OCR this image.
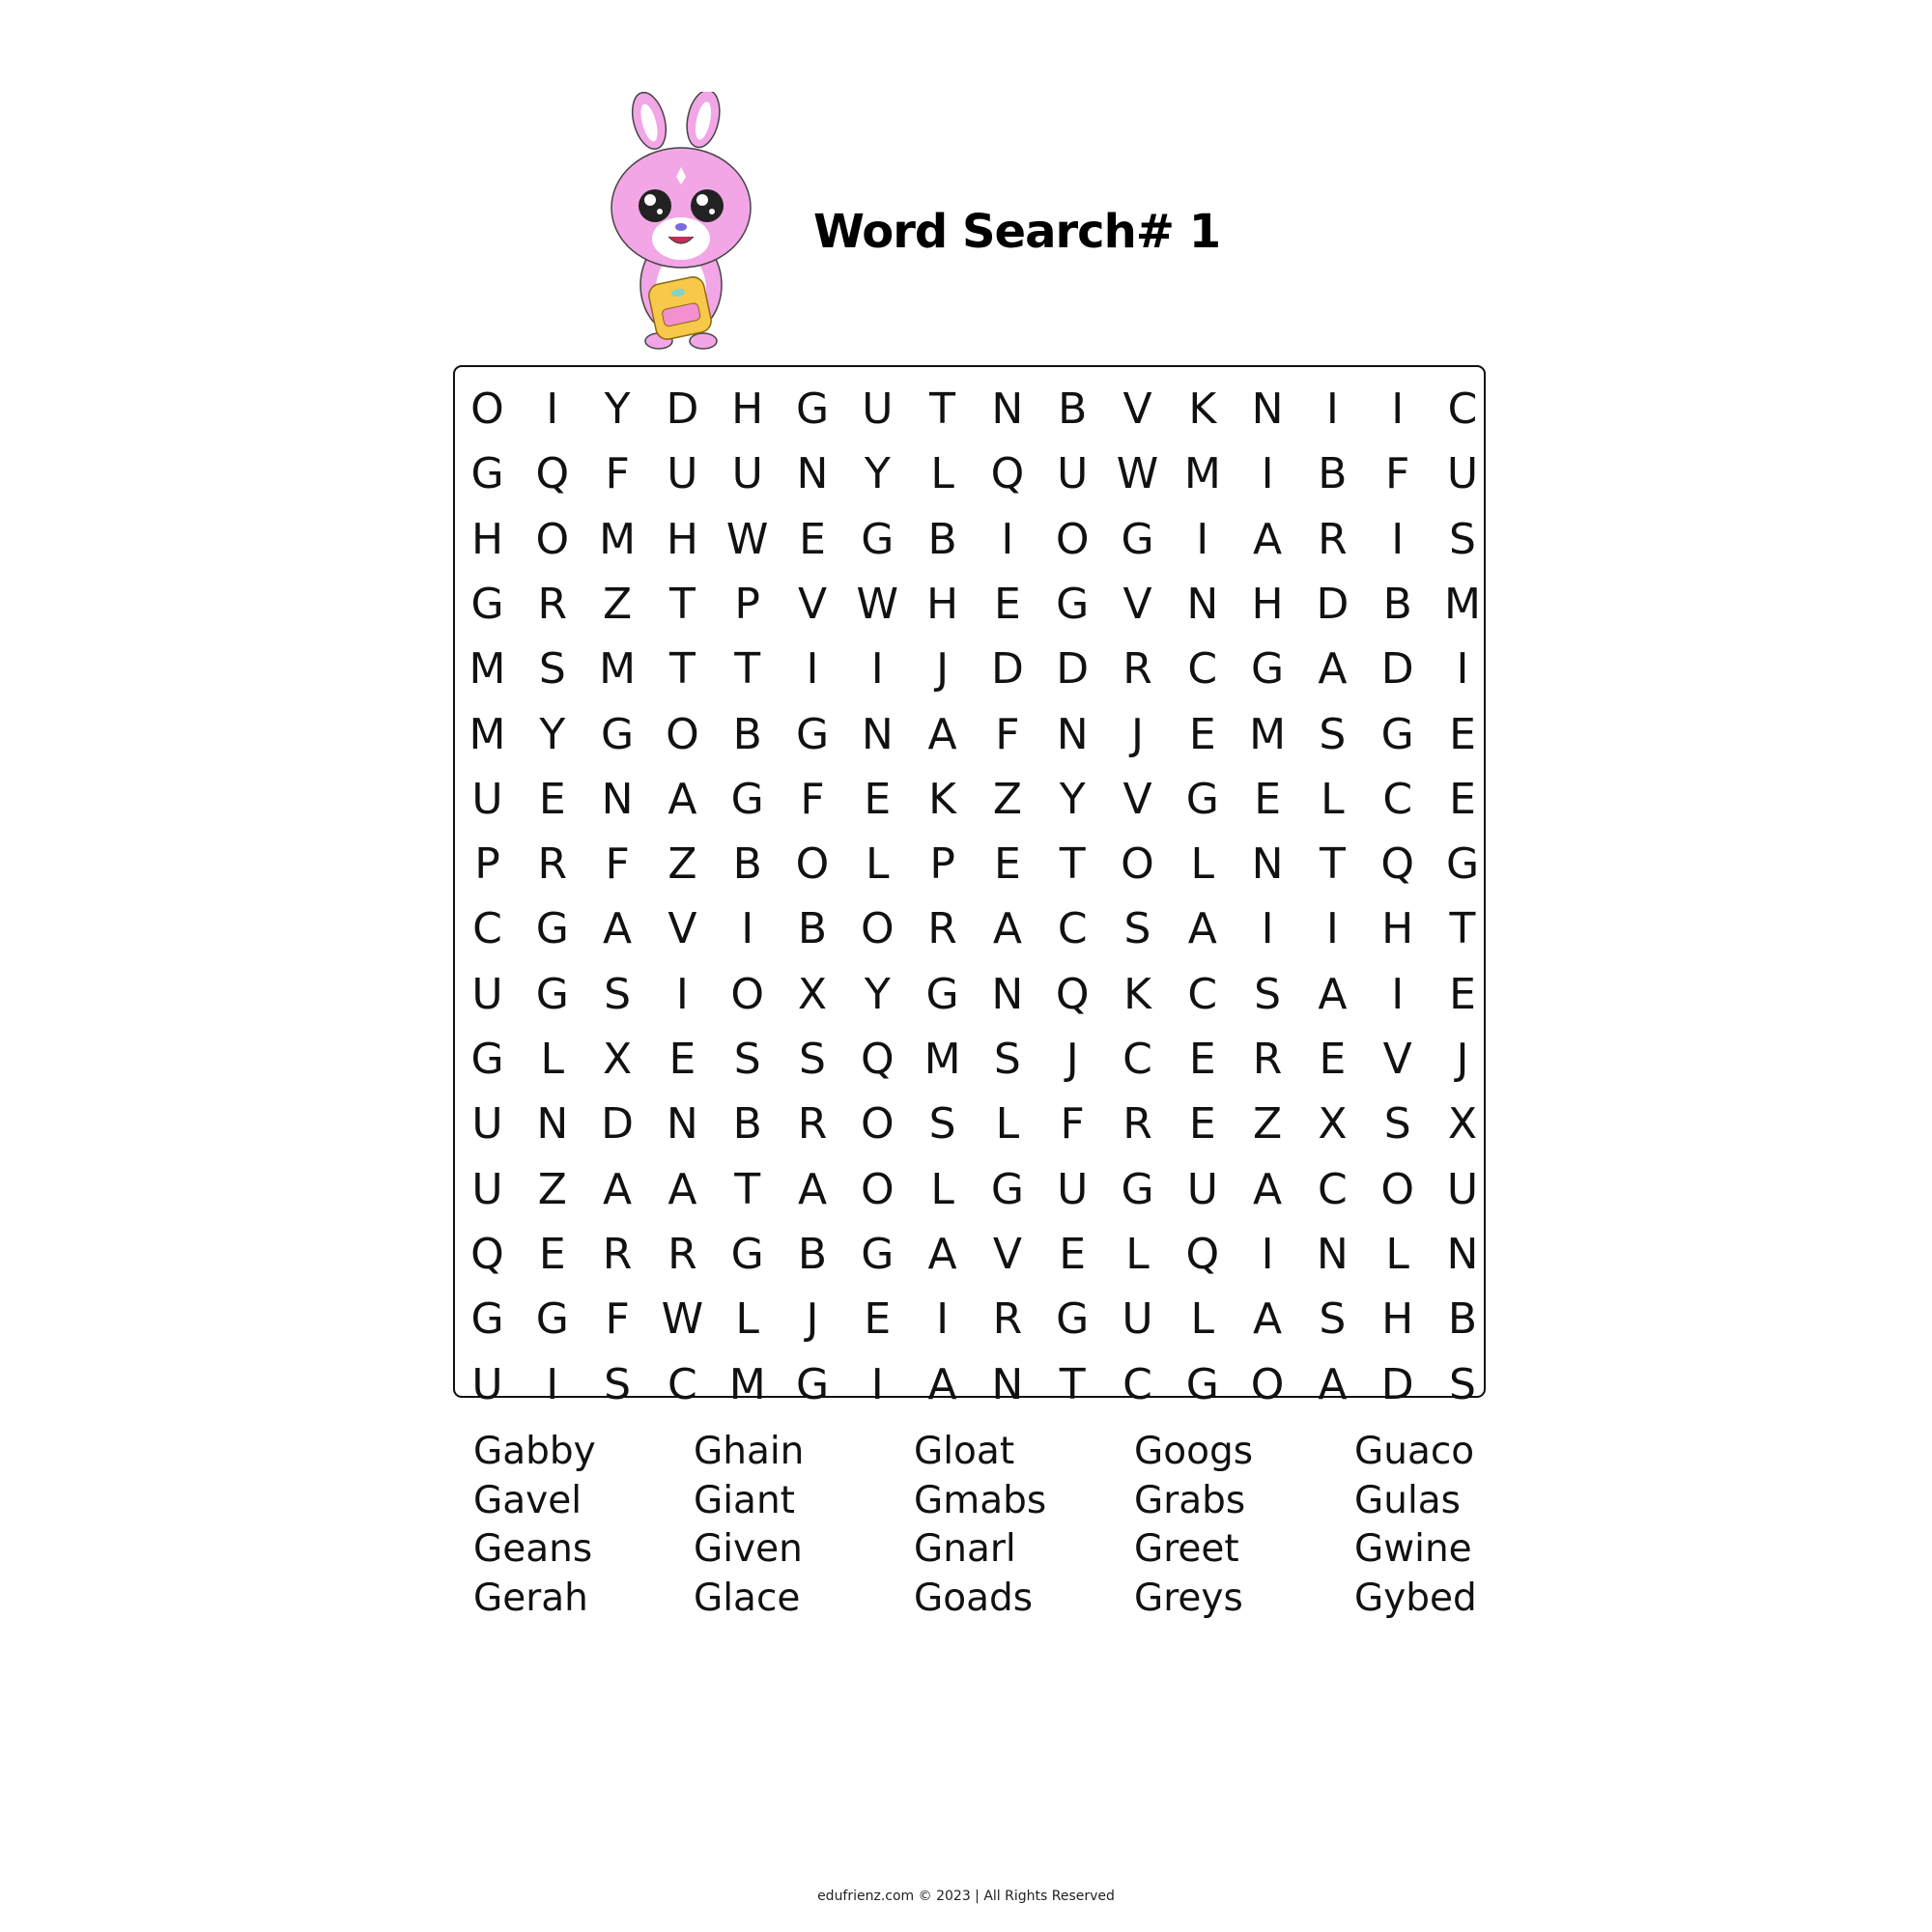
Word Search# 1
O I	Y D H G U T N B V K N	I	I	C
G Q F U U N Y L Q U W M I	B F U
H O M H W E G B	I O G I	A R	I	S
G R Z T P V W H E G V N H D B M
M S M T T	I	I	J D D R C G A D I
M Y G O B G N A F N	J	E M S G E
U E N A G F E K Z Y V G E L C E
P R F Z B O L P E T O L N T Q G
C G A V	I	B O R A C S A	I	I	H T
U G S	I O X Y G N Q K C S A	I	E
G L X E S S Q M S	J	C E R E V	J
U N D N B R O S L F R E Z X S X
U Z A A T A O L G U G U A C O U
Q E R R G B G A V E L Q I	N L N
G G F W L	J	E	I	R G U L A S H B
U	I	S C M G I	A N T C G O A D S
Gabby
Gavel
Geans
Gerah
Ghain
Giant
Given
Glace
Gloat
Gmabs
Gnarl
Goads
Googs
Grabs
Greet
Greys
Guaco
Gulas
Gwine
Gybed
edufrienz.com © 2023 | All Rights Reserved
